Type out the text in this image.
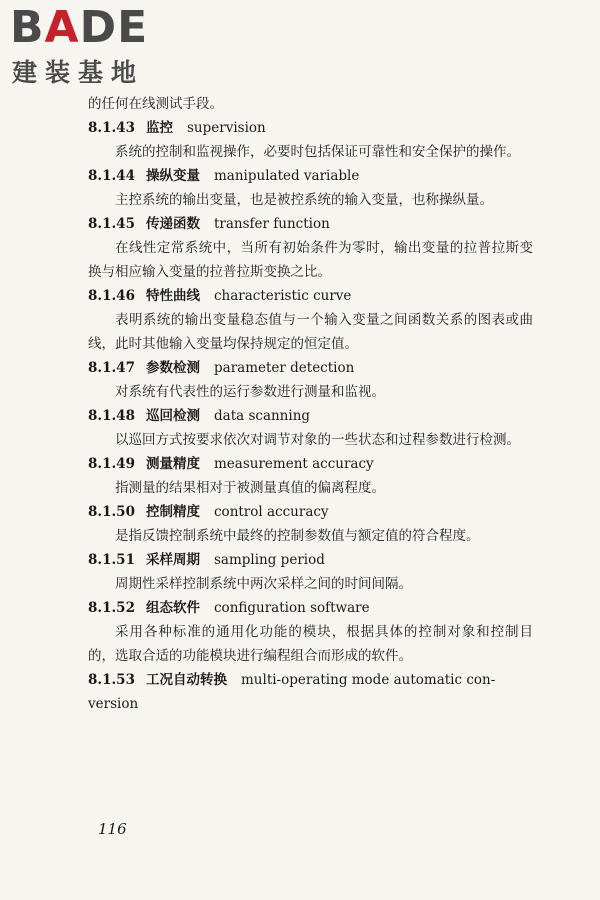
BADE
建装基地
的任何在线测试手段。
8.1.43 监控 supervision
系统的控制和监视操作，必要时包括保证可靠性和安全保护的操作。
8.1.44 操纵变量 manipulated variable
主控系统的输出变量，也是被控系统的输入变量，也称操纵量。
8.1.45 传递函数 transfer function
在线性定常系统中，当所有初始条件为零时，输出变量的拉普拉斯变换与相应输入变量的拉普拉斯变换之比。
8.1.46 特性曲线 characteristic curve
表明系统的输出变量稳态值与一个输入变量之间函数关系的图表或曲线，此时其他输入变量均保持规定的恒定值。
8.1.47 参数检测 parameter detection
对系统有代表性的运行参数进行测量和监视。
8.1.48 巡回检测 data scanning
以巡回方式按要求依次对调节对象的一些状态和过程参数进行检测。
8.1.49 测量精度 measurement accuracy
指测量的结果相对于被测量真值的偏离程度。
8.1.50 控制精度 control accuracy
是指反馈控制系统中最终的控制参数值与额定值的符合程度。
8.1.51 采样周期 sampling period
周期性采样控制系统中两次采样之间的时间间隔。
8.1.52 组态软件 configuration software
采用各种标准的通用化功能的模块，根据具体的控制对象和控制目的，选取合适的功能模块进行编程组合而形成的软件。
8.1.53 工况自动转换 multi-operating mode automatic con-
version
116
